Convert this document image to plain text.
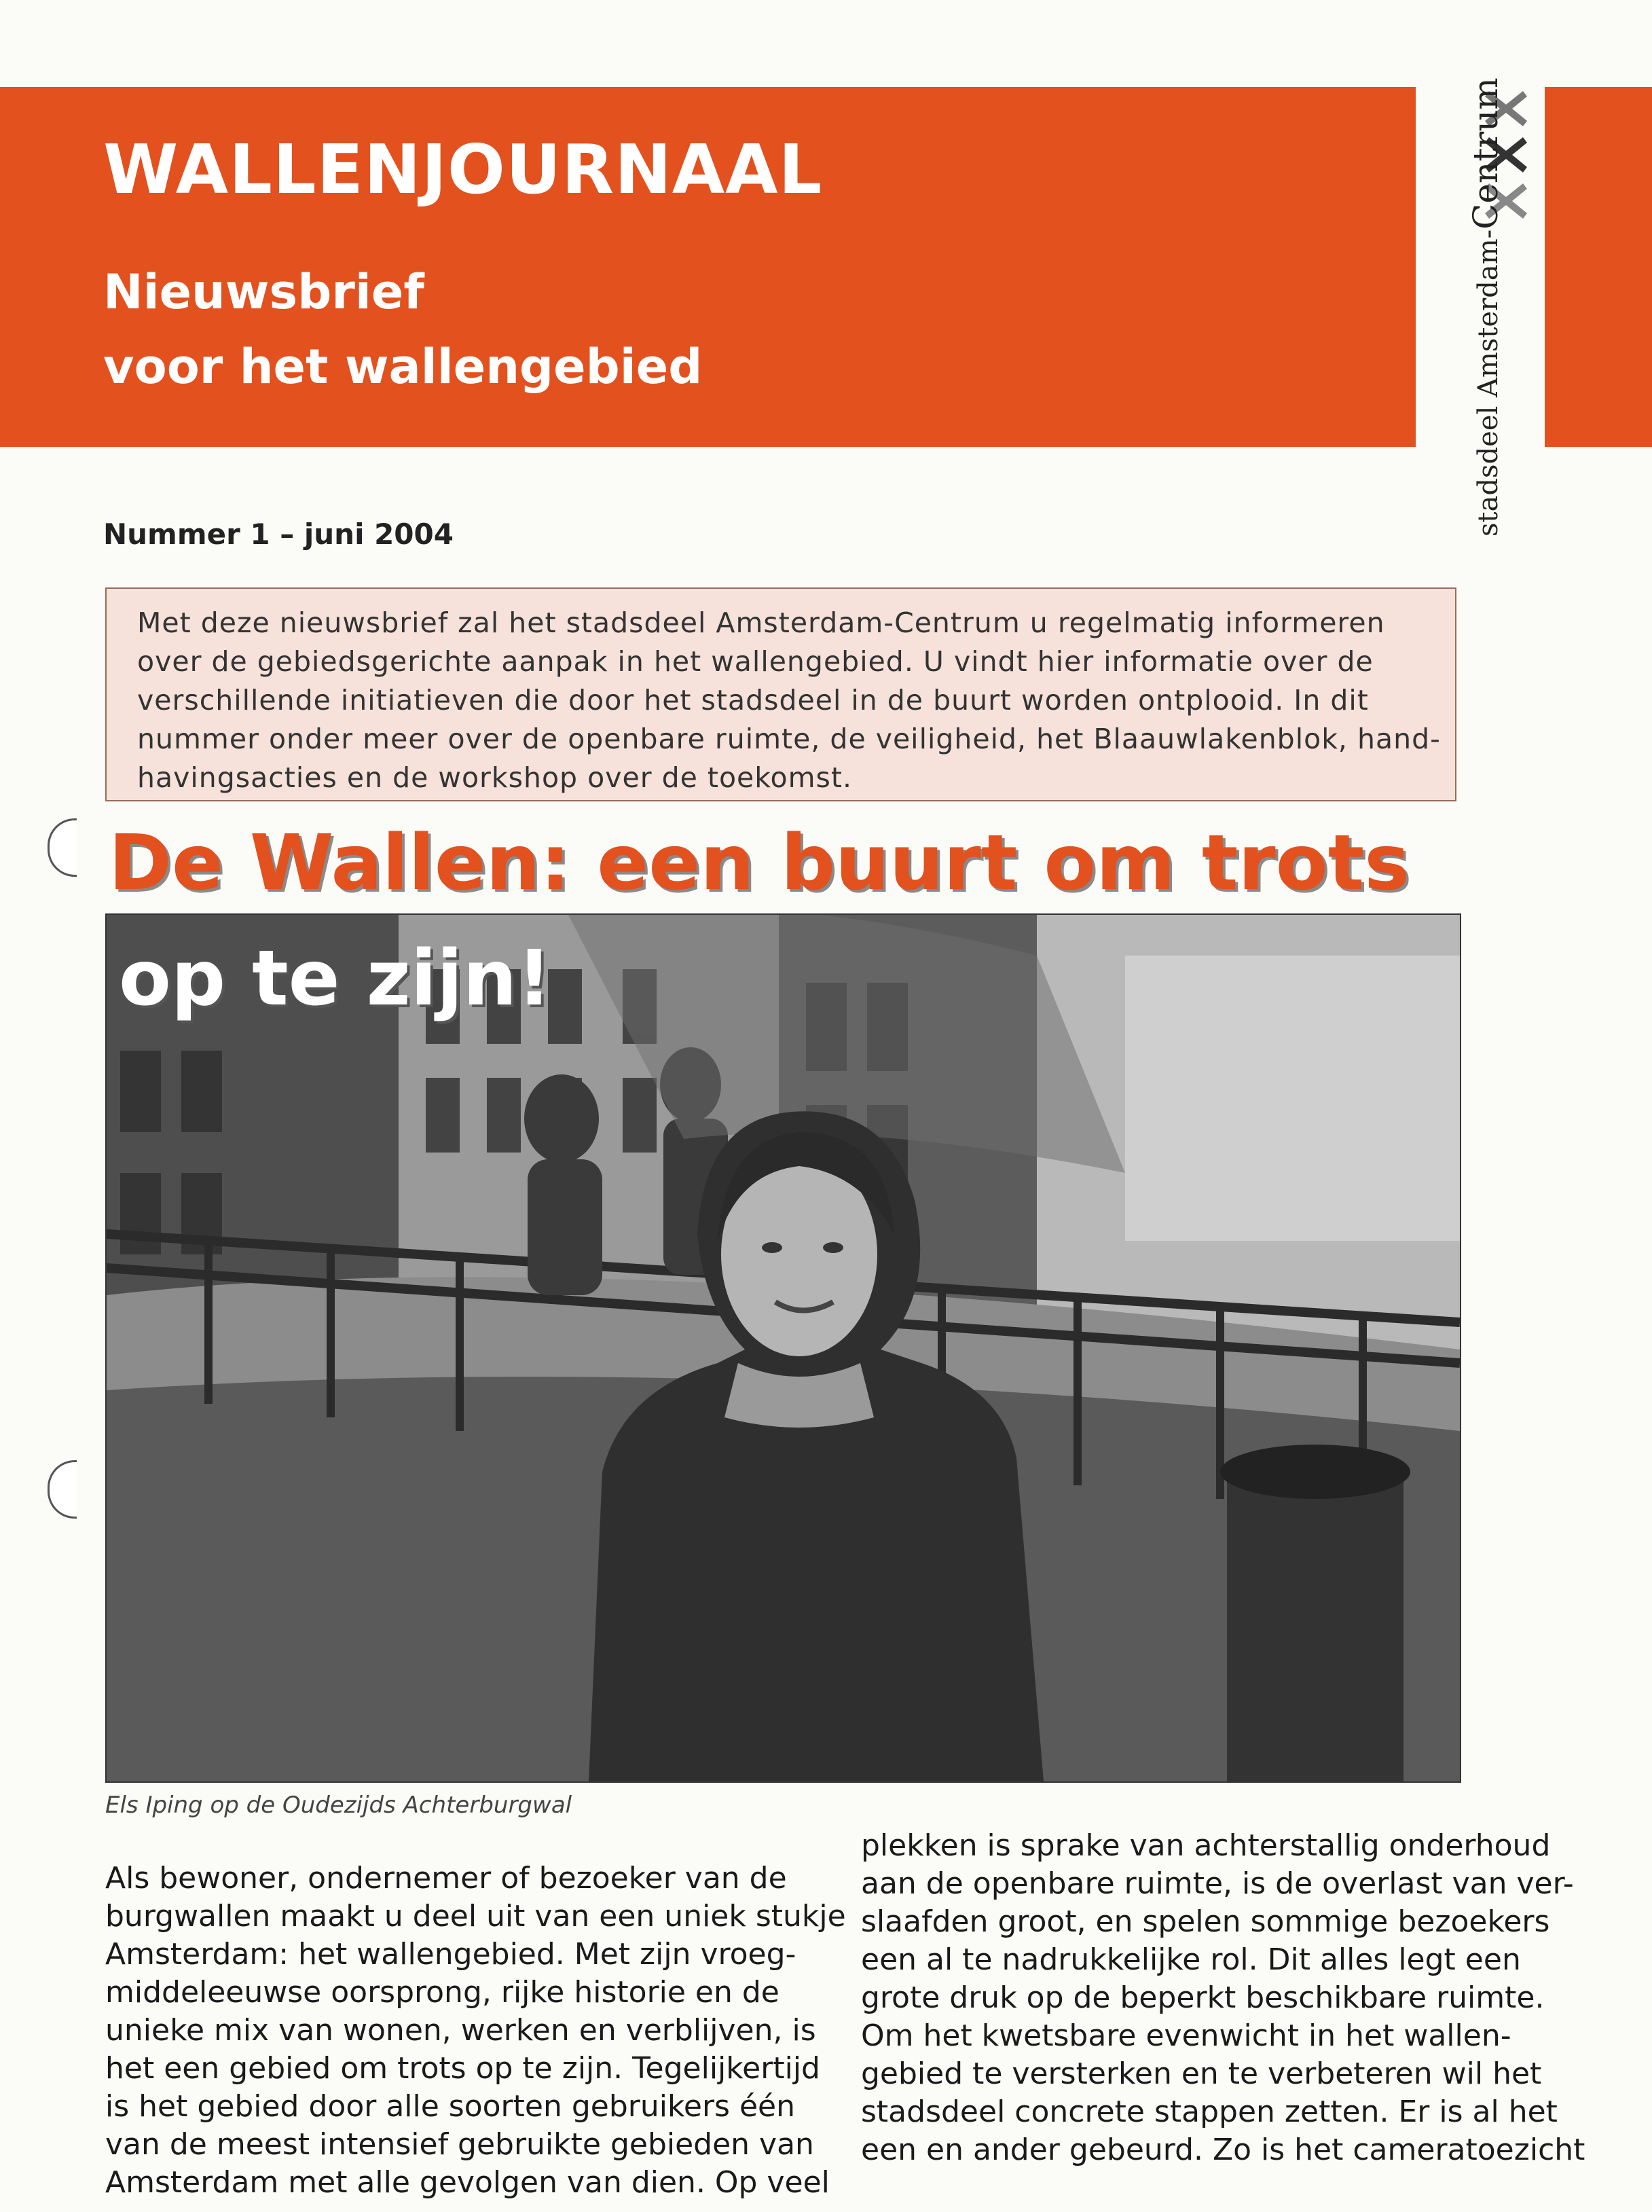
WALLENJOURNAAL
Nieuwsbrief
voor het wallengebied	stadsdeel Amsterdam-Centrum
Nummer 1 – juni 2004
Met deze nieuwsbrief zal het stadsdeel Amsterdam-Centrum u regelmatig informeren
over de gebiedsgerichte aanpak in het wallengebied. U vindt hier informatie over de
verschillende initiatieven die door het stadsdeel in de buurt worden ontplooid. In dit
nummer onder meer over de openbare ruimte, de veiligheid, het Blaauwlakenblok, hand-
havingsacties en de workshop over de toekomst.
De Wallen: een buurt om trots
op te zijn!
Els Iping op de Oudezijds Achterburgwal
Als bewoner, ondernemer of bezoeker van de
burgwallen maakt u deel uit van een uniek stukje
Amsterdam: het wallengebied. Met zijn vroeg-
middeleeuwse oorsprong, rijke historie en de
unieke mix van wonen, werken en verblijven, is
het een gebied om trots op te zijn. Tegelijkertijd
is het gebied door alle soorten gebruikers één
van de meest intensief gebruikte gebieden van
Amsterdam met alle gevolgen van dien. Op veel
plekken is sprake van achterstallig onderhoud
aan de openbare ruimte, is de overlast van ver-
slaafden groot, en spelen sommige bezoekers
een al te nadrukkelijke rol. Dit alles legt een
grote druk op de beperkt beschikbare ruimte.
Om het kwetsbare evenwicht in het wallen-
gebied te versterken en te verbeteren wil het
stadsdeel concrete stappen zetten. Er is al het
een en ander gebeurd. Zo is het cameratoezicht
